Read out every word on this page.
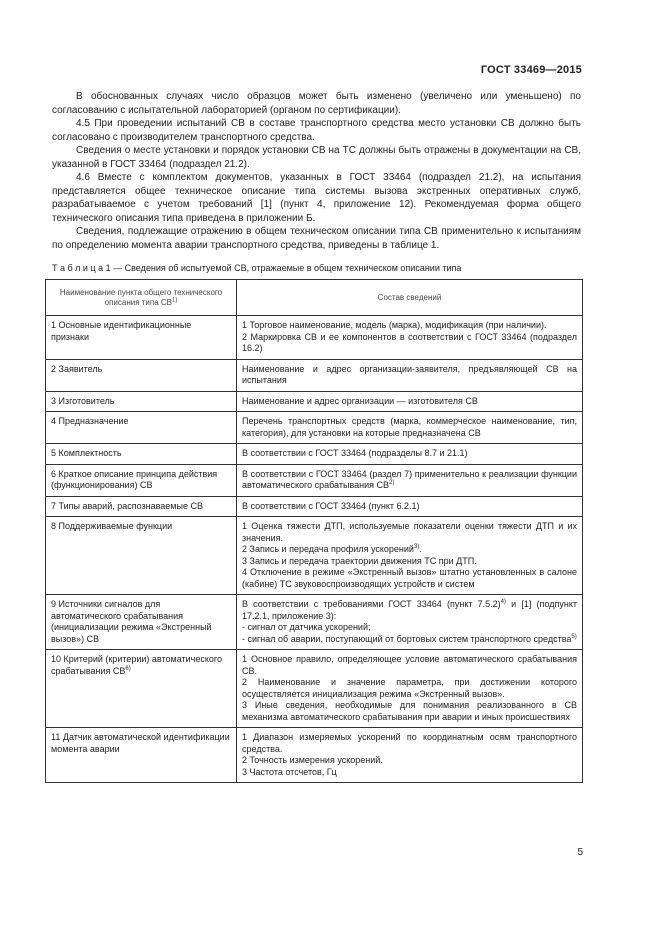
ГОСТ 33469—2015

В обоснованных случаях число образцов может быть изменено (увеличено или уменьшено) по согласованию с испытательной лабораторией (органом по сертификации).

4.5 При проведении испытаний СВ в составе транспортного средства место установки СВ должно быть согласовано с производителем транспортного средства.

Сведения о месте установки и порядок установки СВ на ТС должны быть отражены в документации на СВ, указанной в ГОСТ 33464 (подраздел 21.2).

4.6 Вместе с комплектом документов, указанных в ГОСТ 33464 (подраздел 21.2), на испытания представляется общее техническое описание типа системы вызова экстренных оперативных служб, разрабатываемое с учетом требований [1] (пункт 4, приложение 12). Рекомендуемая форма общего технического описания типа приведена в приложении Б.

Сведения, подлежащие отражению в общем техническом описании типа СВ применительно к испытаниям по определению момента аварии транспортного средства, приведены в таблице 1.

Т а б л и ц а 1 — Сведения об испытуемой СВ, отражаемые в общем техническом описании типа
Наименование пункта общего технического описания типа СВ$^{1)}$	Состав сведений
1 Основные идентификационные признаки	1 Торговое наименование, модель (марка), модификация (при наличии).
2 Маркировка СВ и ее компонентов в соответствии с ГОСТ 33464 (подраздел 16.2)

2 Заявитель	Наименование и адрес организации-заявителя, предъявляющей СВ на испытания

3 Изготовитель	Наименование и адрес организации — изготовителя СВ

4 Предназначение	Перечень транспортных средств (марка, коммерческое наименование, тип, категория), для установки на которые предназначена СВ

5 Комплектность	В соответствии с ГОСТ 33464 (подразделы 8.7 и 21.1)

6 Краткое описание принципа действия (функционирования) СВ	В соответствии с ГОСТ 33464 (раздел 7) применительно к реализации функции автоматического срабатывания СВ$^{2)}$

7 Типы аварий, распознаваемые СВ	В соответствии с ГОСТ 33464 (пункт 6.2.1)

8 Поддерживаемые функции	1 Оценка тяжести ДТП, используемые показатели оценки тяжести ДТП и их значения.
2 Запись и передача профиля ускорений$^{3)}$.
3 Запись и передача траектории движения ТС при ДТП.
4 Отключение в режиме «Экстренный вызов» штатно установленных в салоне (кабине) ТС звуковоспроизводящих устройств и систем

9 Источники сигналов для автоматического срабатывания (инициализации режима «Экстренный вызов») СВ	В соответствии с требованиями ГОСТ 33464 (пункт 7.5.2)$^{4)}$ и [1] (подпункт 17.2.1, приложение 3):
- сигнал от датчика ускорений;
- сигнал об аварии, поступающий от бортовых систем транспортного средства$^{5)}$

10 Критерий (критерии) автоматического срабатывания СВ$^{6)}$	1 Основное правило, определяющее условие автоматического срабатывания СВ.
2 Наименование и значение параметра, при достижении которого осуществляется инициализация режима «Экстренный вызов».
3 Иные сведения, необходимые для понимания реализованного в СВ механизма автоматического срабатывания при аварии и иных происшествиях

11 Датчик автоматической идентификации момента аварии	1 Диапазон измеряемых ускорений по координатным осям транспортного средства.
2 Точность измерения ускорений.
3 Частота отсчетов, Гц
5
